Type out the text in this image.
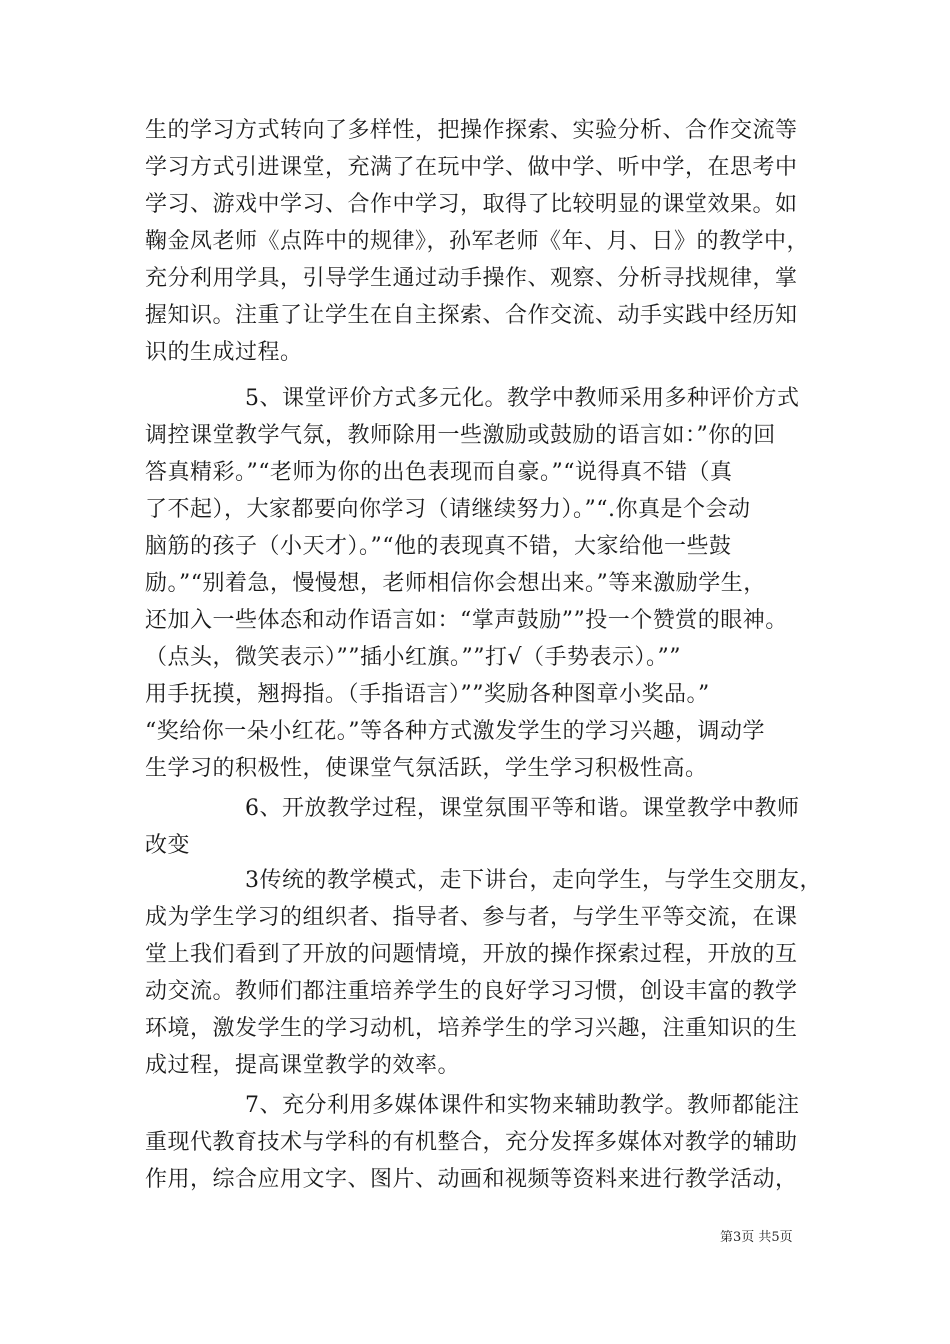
生的学习方式转向了多样性，把操作探索、实验分析、合作交流等
学习方式引进课堂，充满了在玩中学、做中学、听中学，在思考中
学习、游戏中学习、合作中学习，取得了比较明显的课堂效果。如
鞠金凤老师《点阵中的规律》，孙军老师《年、月、日》的教学中，
充分利用学具，引导学生通过动手操作、观察、分析寻找规律，掌
握知识。注重了让学生在自主探索、合作交流、动手实践中经历知
识的生成过程。
5、课堂评价方式多元化。教学中教师采用多种评价方式
调控课堂教学气氛，教师除用一些激励或鼓励的语言如：”你的回
答真精彩。”“老师为你的出色表现而自豪。”“说得真不错（真
了不起），大家都要向你学习（请继续努力）。”“.你真是个会动
脑筋的孩子（小天才）。”“他的表现真不错，大家给他一些鼓
励。”“别着急，慢慢想，老师相信你会想出来。”等来激励学生，
还加入一些体态和动作语言如：“掌声鼓励””投一个赞赏的眼神。
（点头，微笑表示）””插小红旗。””打√（手势表示）。””
用手抚摸，翘拇指。（手指语言）””奖励各种图章小奖品。”
“奖给你一朵小红花。”等各种方式激发学生的学习兴趣，调动学
生学习的积极性，使课堂气氛活跃，学生学习积极性高。
6、开放教学过程，课堂氛围平等和谐。课堂教学中教师
改变
3传统的教学模式，走下讲台，走向学生，与学生交朋友，
成为学生学习的组织者、指导者、参与者，与学生平等交流，在课
堂上我们看到了开放的问题情境，开放的操作探索过程，开放的互
动交流。教师们都注重培养学生的良好学习习惯，创设丰富的教学
环境，激发学生的学习动机，培养学生的学习兴趣，注重知识的生
成过程，提高课堂教学的效率。
7、充分利用多媒体课件和实物来辅助教学。教师都能注
重现代教育技术与学科的有机整合，充分发挥多媒体对教学的辅助
作用，综合应用文字、图片、动画和视频等资料来进行教学活动，
第3页 共5页
